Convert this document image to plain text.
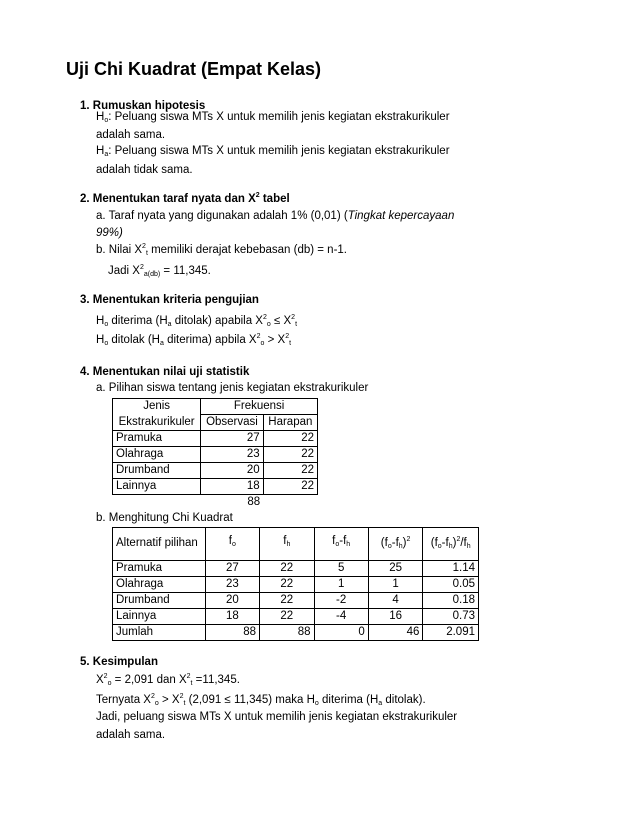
Uji Chi Kuadrat (Empat Kelas)
1. Rumuskan hipotesis
$H_o$: Peluang siswa MTs X untuk memilih jenis kegiatan ekstrakurikuler
adalah sama.
$H_a$: Peluang siswa MTs X untuk memilih jenis kegiatan ekstrakurikuler
adalah tidak sama.
2. Menentukan taraf nyata dan $X^2$ tabel
a. Taraf nyata yang digunakan adalah 1% (0,01) (Tingkat kepercayaan
99%)
b. Nilai $X^2_t$ memiliki derajat kebebasan (db) = n-1.
Jadi $X^2_{a(db)} = 11,345$.
3. Menentukan kriteria pengujian
$H_o$ diterima ($H_a$ ditolak) apabila $X^2_o \le X^2_t$
$H_o$ ditolak ($H_a$ diterima) apbila $X^2_o > X^2_t$
4. Menentukan nilai uji statistik
a. Pilihan siswa tentang jenis kegiatan ekstrakurikuler
Jenis	Frekuensi	
Ekstrakurikuler	Observasi	Harapan
Pramuka	27	22
Olahraga	23	22
Drumband	20	22
Lainnya	18	22
	88	
b. Menghitung Chi Kuadrat
Alternatif pilihan	$f_o$	$f_h$	$f_o-f_h$	$(f_o-f_h)^2$	$(f_o-f_h)^2/f_h$

Pramuka	27	22	5	25	1.14
Olahraga	23	22	1	1	0.05
Drumband	20	22	-2	4	0.18
Lainnya	18	22	-4	16	0.73
Jumlah	88	88	0	46	2.091
5. Kesimpulan
$X^2_o = 2,091$ dan $X^2_t =11,345$.
Ternyata $X^2_o > X^2_t$ (2,091 ≤ 11,345) maka $H_o$ diterima ($H_a$ ditolak).
Jadi, peluang siswa MTs X untuk memilih jenis kegiatan ekstrakurikuler
adalah sama.
